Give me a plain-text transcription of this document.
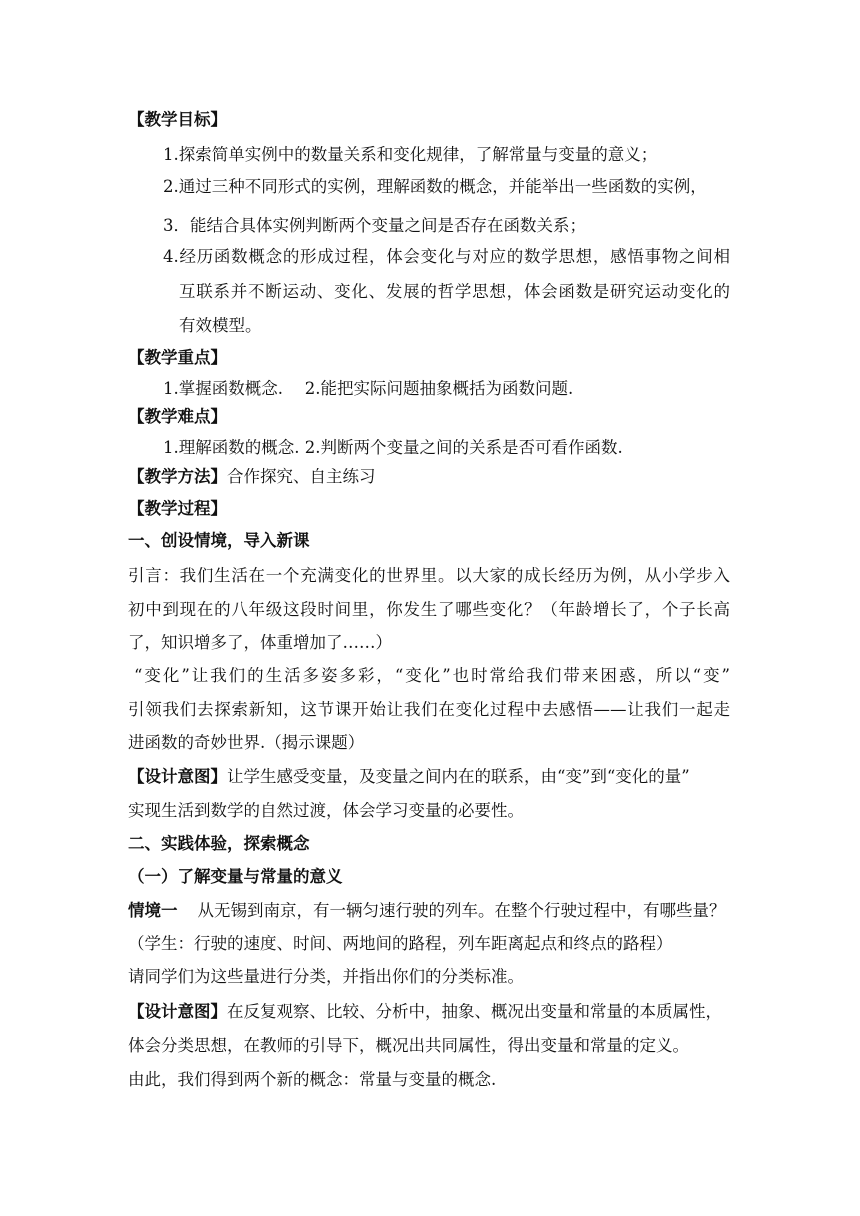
【教学目标】
1.探索简单实例中的数量关系和变化规律，了解常量与变量的意义；
2.通过三种不同形式的实例，理解函数的概念，并能举出一些函数的实例，
3．能结合具体实例判断两个变量之间是否存在函数关系；
4.经历函数概念的形成过程，体会变化与对应的数学思想，感悟事物之间相
互联系并不断运动、变化、发展的哲学思想，体会函数是研究运动变化的
有效模型。
【教学重点】
1.掌握函数概念.　 2.能把实际问题抽象概括为函数问题.
【教学难点】
1.理解函数的概念. 2.判断两个变量之间的关系是否可看作函数.
【教学方法】合作探究、自主练习
【教学过程】
一、创设情境，导入新课
引言：我们生活在一个充满变化的世界里。以大家的成长经历为例，从小学步入
初中到现在的八年级这段时间里，你发生了哪些变化？（年龄增长了，个子长高
了，知识增多了，体重增加了……）
“变化”让我们的生活多姿多彩，“变化”也时常给我们带来困惑，所以“变”
引领我们去探索新知，这节课开始让我们在变化过程中去感悟——让我们一起走
进函数的奇妙世界.（揭示课题）
【设计意图】让学生感受变量，及变量之间内在的联系，由“变”到“变化的量”
实现生活到数学的自然过渡，体会学习变量的必要性。
二、实践体验，探索概念
（一）了解变量与常量的意义
情境一 从无锡到南京，有一辆匀速行驶的列车。在整个行驶过程中，有哪些量？
（学生：行驶的速度、时间、两地间的路程，列车距离起点和终点的路程）
请同学们为这些量进行分类，并指出你们的分类标准。
【设计意图】在反复观察、比较、分析中，抽象、概况出变量和常量的本质属性，
体会分类思想，在教师的引导下，概况出共同属性，得出变量和常量的定义。
由此，我们得到两个新的概念：常量与变量的概念.
